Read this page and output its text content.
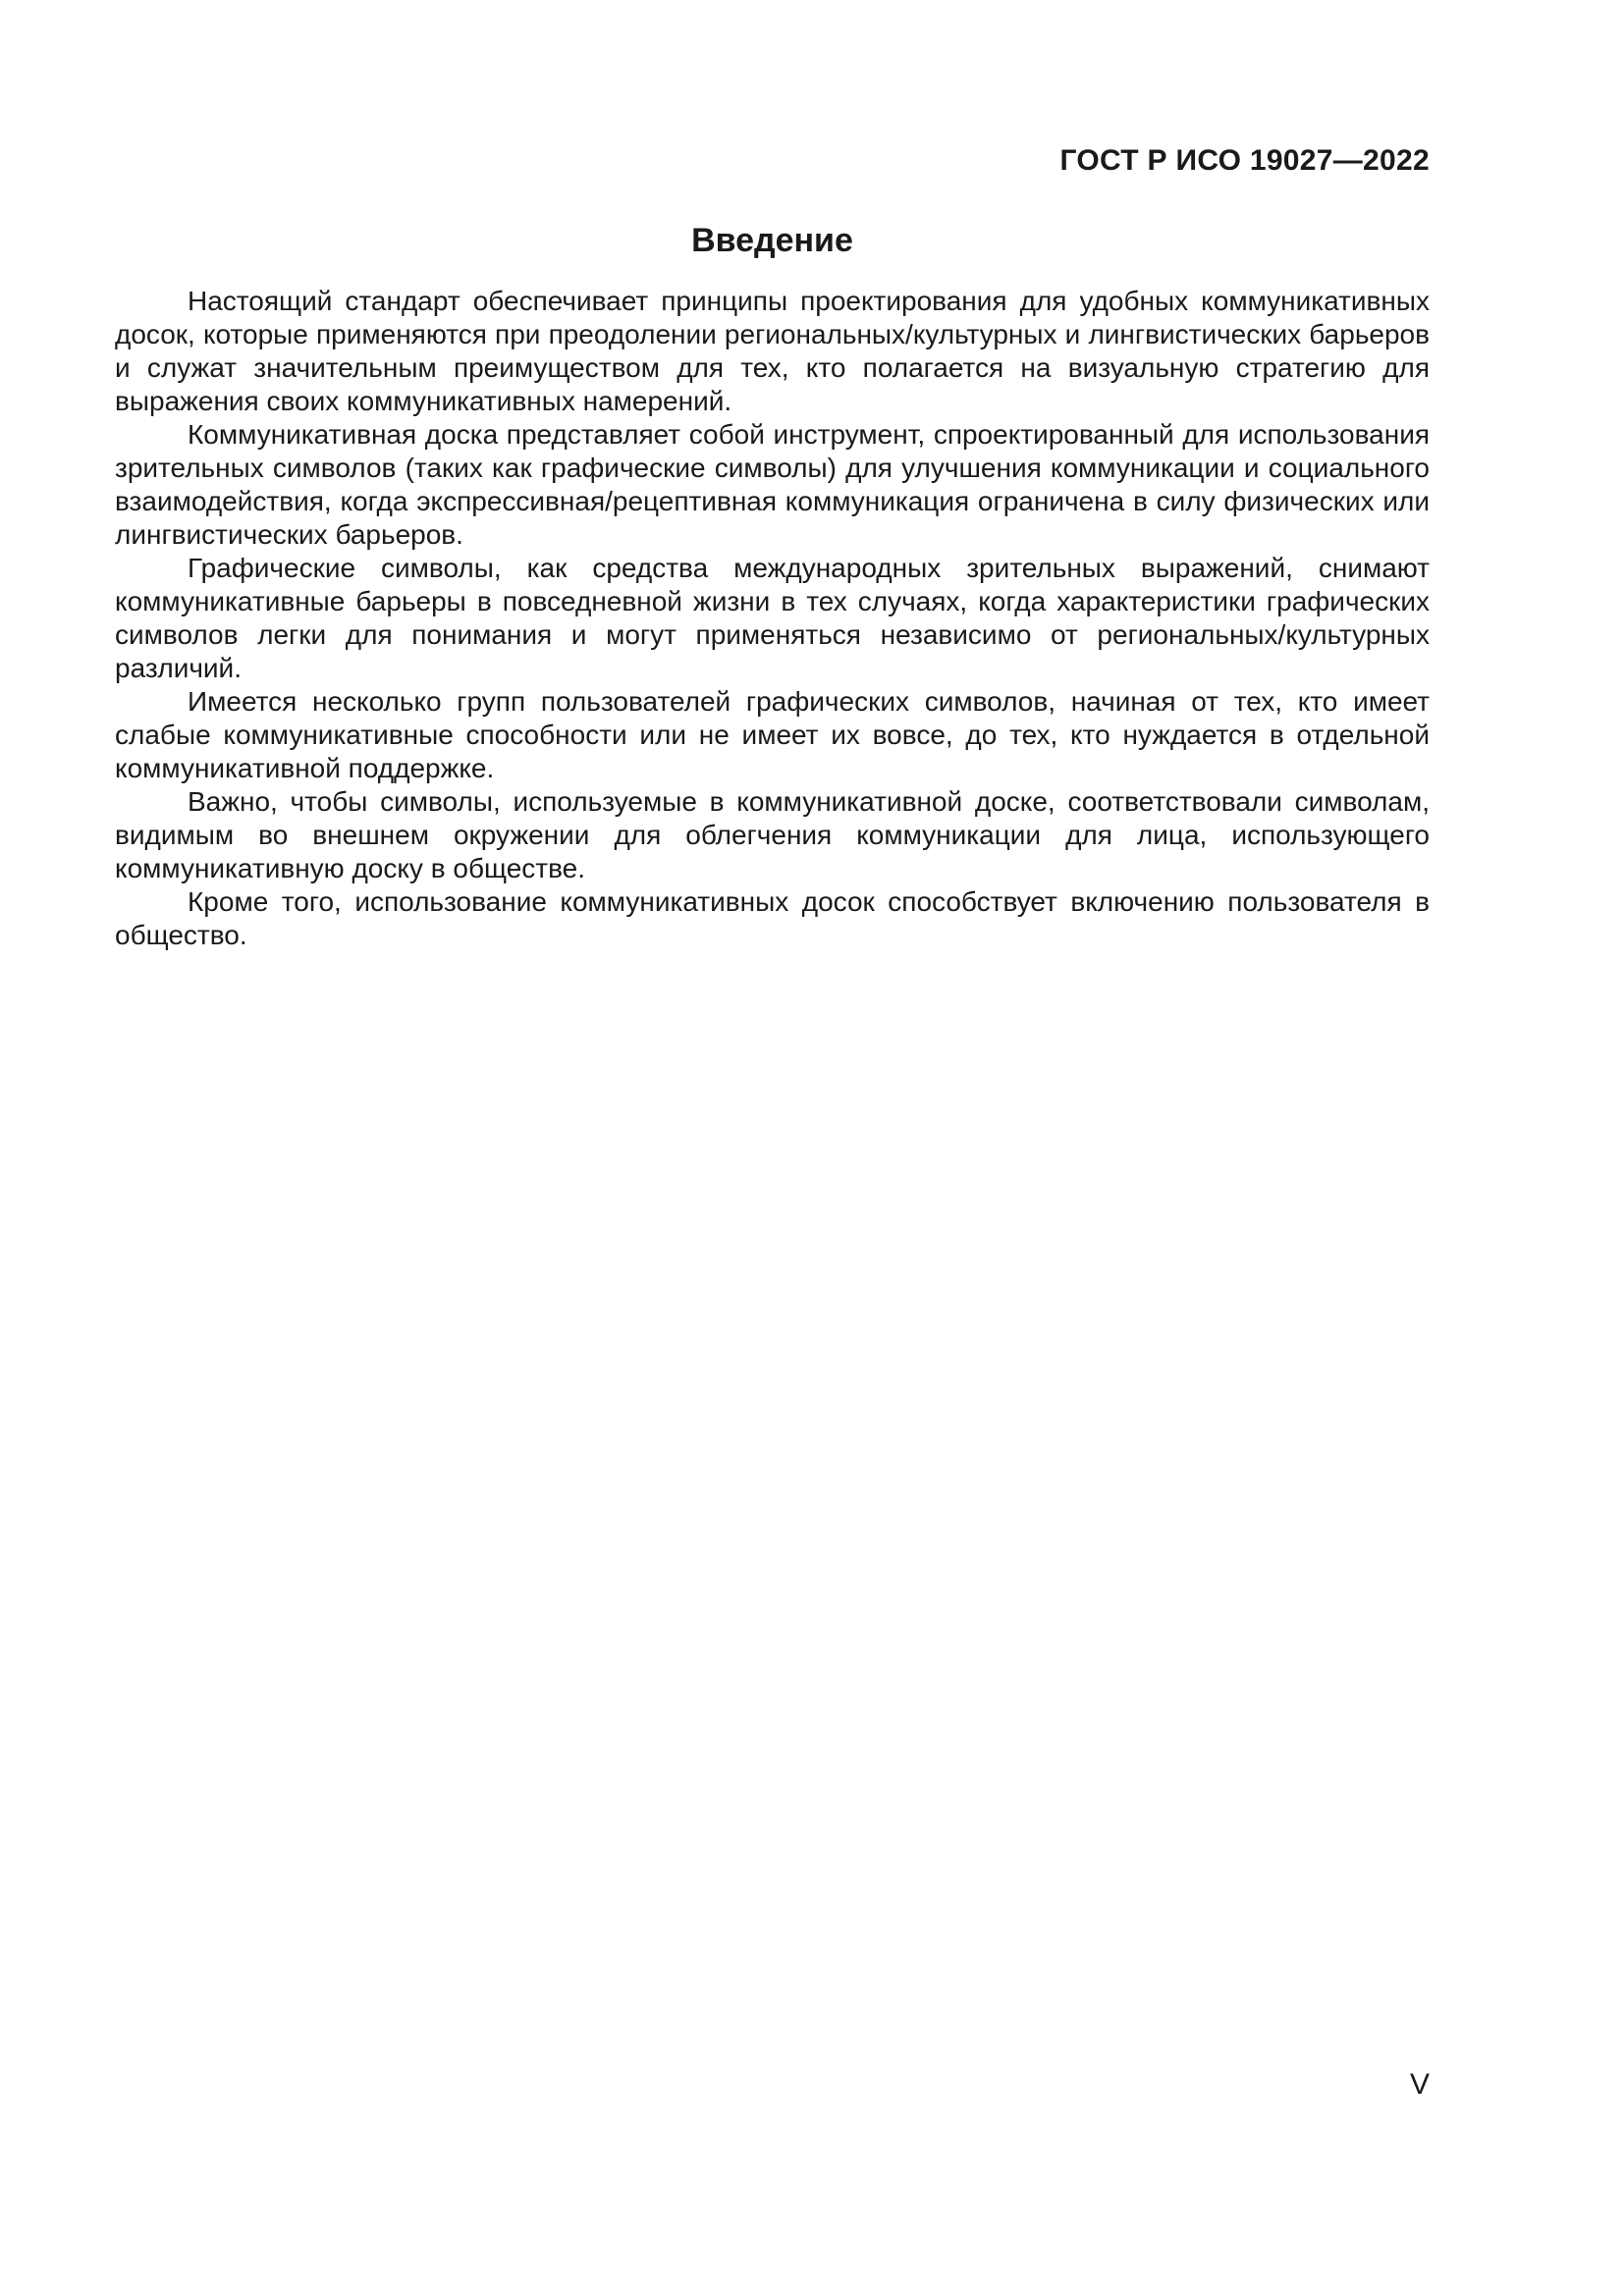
ГОСТ Р ИСО 19027—2022
Введение

Настоящий стандарт обеспечивает принципы проектирования для удобных коммуникативных досок, которые применяются при преодолении региональных/культурных и лингвистических барьеров и служат значительным преимуществом для тех, кто полагается на визуальную стратегию для выражения своих коммуникативных намерений.

Коммуникативная доска представляет собой инструмент, спроектированный для использования зрительных символов (таких как графические символы) для улучшения коммуникации и социального взаимодействия, когда экспрессивная/рецептивная коммуникация ограничена в силу физических или лингвистических барьеров.

Графические символы, как средства международных зрительных выражений, снимают коммуникативные барьеры в повседневной жизни в тех случаях, когда характеристики графических символов легки для понимания и могут применяться независимо от региональных/культурных различий.

Имеется несколько групп пользователей графических символов, начиная от тех, кто имеет слабые коммуникативные способности или не имеет их вовсе, до тех, кто нуждается в отдельной коммуникативной поддержке.

Важно, чтобы символы, используемые в коммуникативной доске, соответствовали символам, видимым во внешнем окружении для облегчения коммуникации для лица, использующего коммуникативную доску в обществе.

Кроме того, использование коммуникативных досок способствует включению пользователя в общество.

V
